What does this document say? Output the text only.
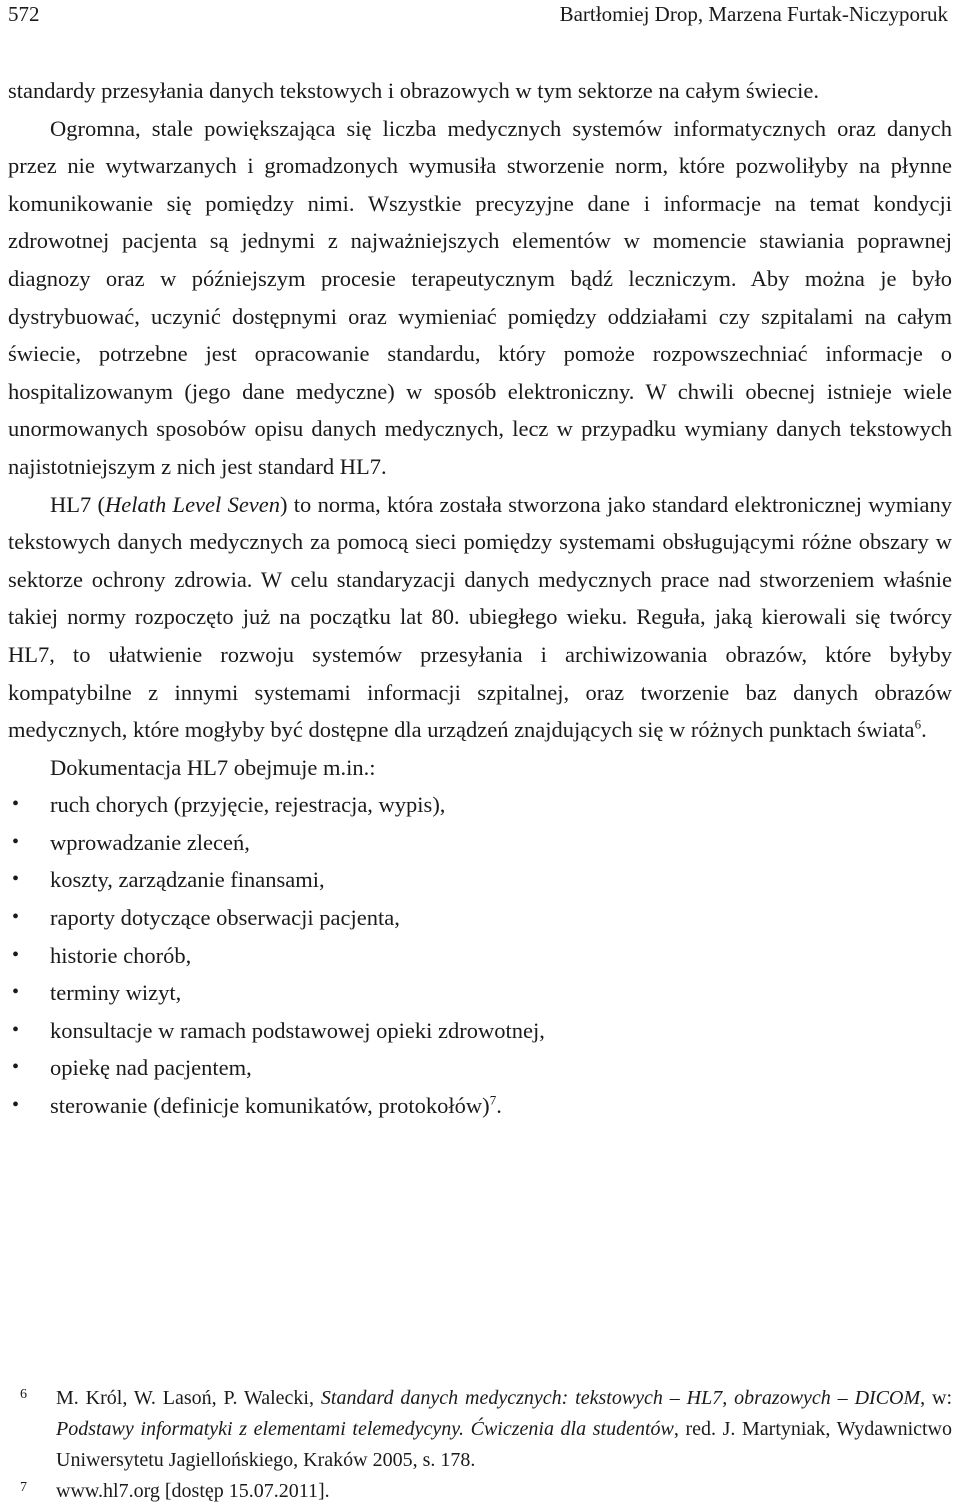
572	Bartłomiej Drop, Marzena Furtak-Niczyporuk

standardy przesyłania danych tekstowych i obrazowych w tym sektorze na całym świecie.

Ogromna, stale powiększająca się liczba medycznych systemów informatycznych oraz danych przez nie wytwarzanych i gromadzonych wymusiła stworzenie norm, które pozwoliłyby na płynne komunikowanie się pomiędzy nimi. Wszystkie precyzyjne dane i informacje na temat kondycji zdrowotnej pacjenta są jednymi z najważniejszych elementów w momencie stawiania poprawnej diagnozy oraz w późniejszym procesie terapeutycznym bądź leczniczym. Aby można je było dystrybuować, uczynić dostępnymi oraz wymieniać pomiędzy oddziałami czy szpitalami na całym świecie, potrzebne jest opracowanie standardu, który pomoże rozpowszechniać informacje o hospitalizowanym (jego dane medyczne) w sposób elektroniczny. W chwili obecnej istnieje wiele unormowanych sposobów opisu danych medycznych, lecz w przypadku wymiany danych tekstowych najistotniejszym z nich jest standard HL7.

HL7 (Helath Level Seven) to norma, która została stworzona jako standard elektronicznej wymiany tekstowych danych medycznych za pomocą sieci pomiędzy systemami obsługującymi różne obszary w sektorze ochrony zdrowia. W celu standaryzacji danych medycznych prace nad stworzeniem właśnie takiej normy rozpoczęto już na początku lat 80. ubiegłego wieku. Reguła, jaką kierowali się twórcy HL7, to ułatwienie rozwoju systemów przesyłania i archiwizowania obrazów, które byłyby kompatybilne z innymi systemami informacji szpitalnej, oraz tworzenie baz danych obrazów medycznych, które mogłyby być dostępne dla urządzeń znajdujących się w różnych punktach świata$^6$.

Dokumentacja HL7 obejmuje m.in.:

• ruch chorych (przyjęcie, rejestracja, wypis),
• wprowadzanie zleceń,
• koszty, zarządzanie finansami,
• raporty dotyczące obserwacji pacjenta,
• historie chorób,
• terminy wizyt,
• konsultacje w ramach podstawowej opieki zdrowotnej,
• opiekę nad pacjentem,
• sterowanie (definicje komunikatów, protokołów)$^7$.
6 M. Król, W. Lasoń, P. Walecki, Standard danych medycznych: tekstowych – HL7, obrazowych – DICOM, w: Podstawy informatyki z elementami telemedycyny. Ćwiczenia dla studentów, red. J. Martyniak, Wydawnictwo Uniwersytetu Jagiellońskiego, Kraków 2005, s. 178.
7 www.hl7.org [dostęp 15.07.2011].
